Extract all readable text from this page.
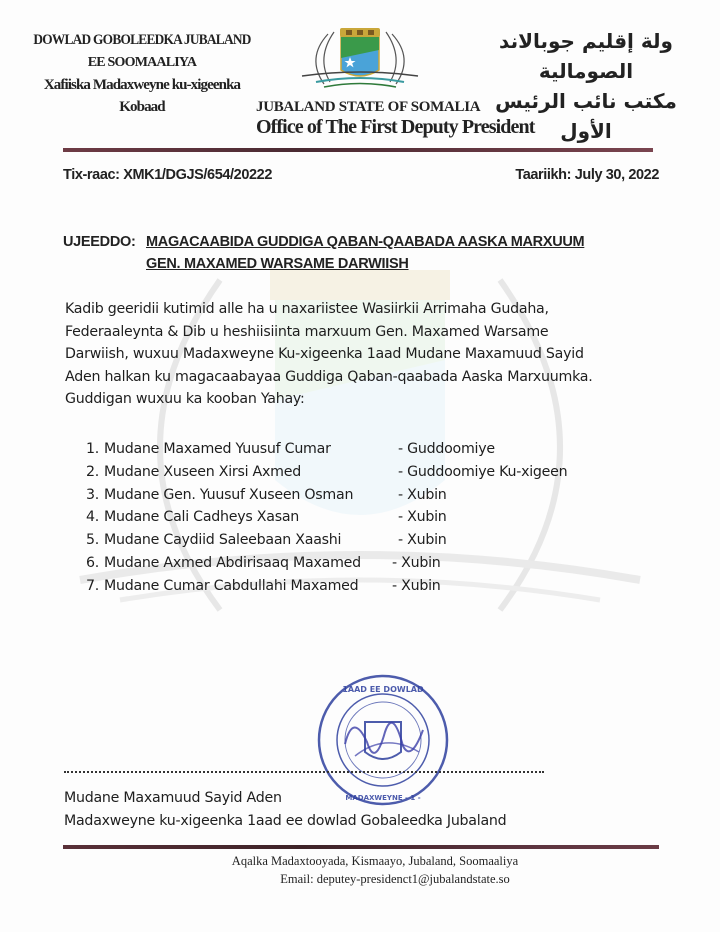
DOWLAD GOBOLEEDKA JUBALAND
EE SOOMAALIYA
Xafiiska Madaxweyne ku-xigeenka Kobaad
ولة إقليم جوبالاند الصومالية
مكتب نائب الرئيس الأول
JUBALAND STATE OF SOMALIA
Office of The First Deputy President
Tix-raac: XMK1/DGJS/654/20222	Taariikh: July 30, 2022
UJEEDDO: MAGACAABIDA GUDDIGA QABAN-QAABADA AASKA MARXUUM
GEN. MAXAMED WARSAME DARWIISH

Kadib geeridii kutimid alle ha u naxariistee Wasiirkii Arrimaha Gudaha,

Federaaleynta & Dib u heshiisiinta marxuum Gen. Maxamed Warsame

Darwiish, wuxuu Madaxweyne Ku-xigeenka 1aad Mudane Maxamuud Sayid

Aden halkan ku magacaabayaa Guddiga Qaban-qaabada Aaska Marxuumka.

Guddigan wuxuu ka kooban Yahay:

1. Mudane Maxamed Yuusuf Cumar	- Guddoomiye
2. Mudane Xuseen Xirsi Axmed	- Guddoomiye Ku-xigeen
3. Mudane Gen. Yuusuf Xuseen Osman	- Xubin
4. Mudane Cali Cadheys Xasan	- Xubin
5. Mudane Caydiid Saleebaan Xaashi	- Xubin
6. Mudane Axmed Abdirisaaq Maxamed - Xubin
7. Mudane Cumar Cabdullahi Maxamed - Xubin
1AAD EE DOWLAD
MADAXWEYNE - 1 -
Mudane Maxamuud Sayid Aden
Madaxweyne ku-xigeenka 1aad ee dowlad Gobaleedka Jubaland
Aqalka Madaxtooyada, Kismaayo, Jubaland, Soomaaliya
Email: deputey-presidenct1@jubalandstate.so
